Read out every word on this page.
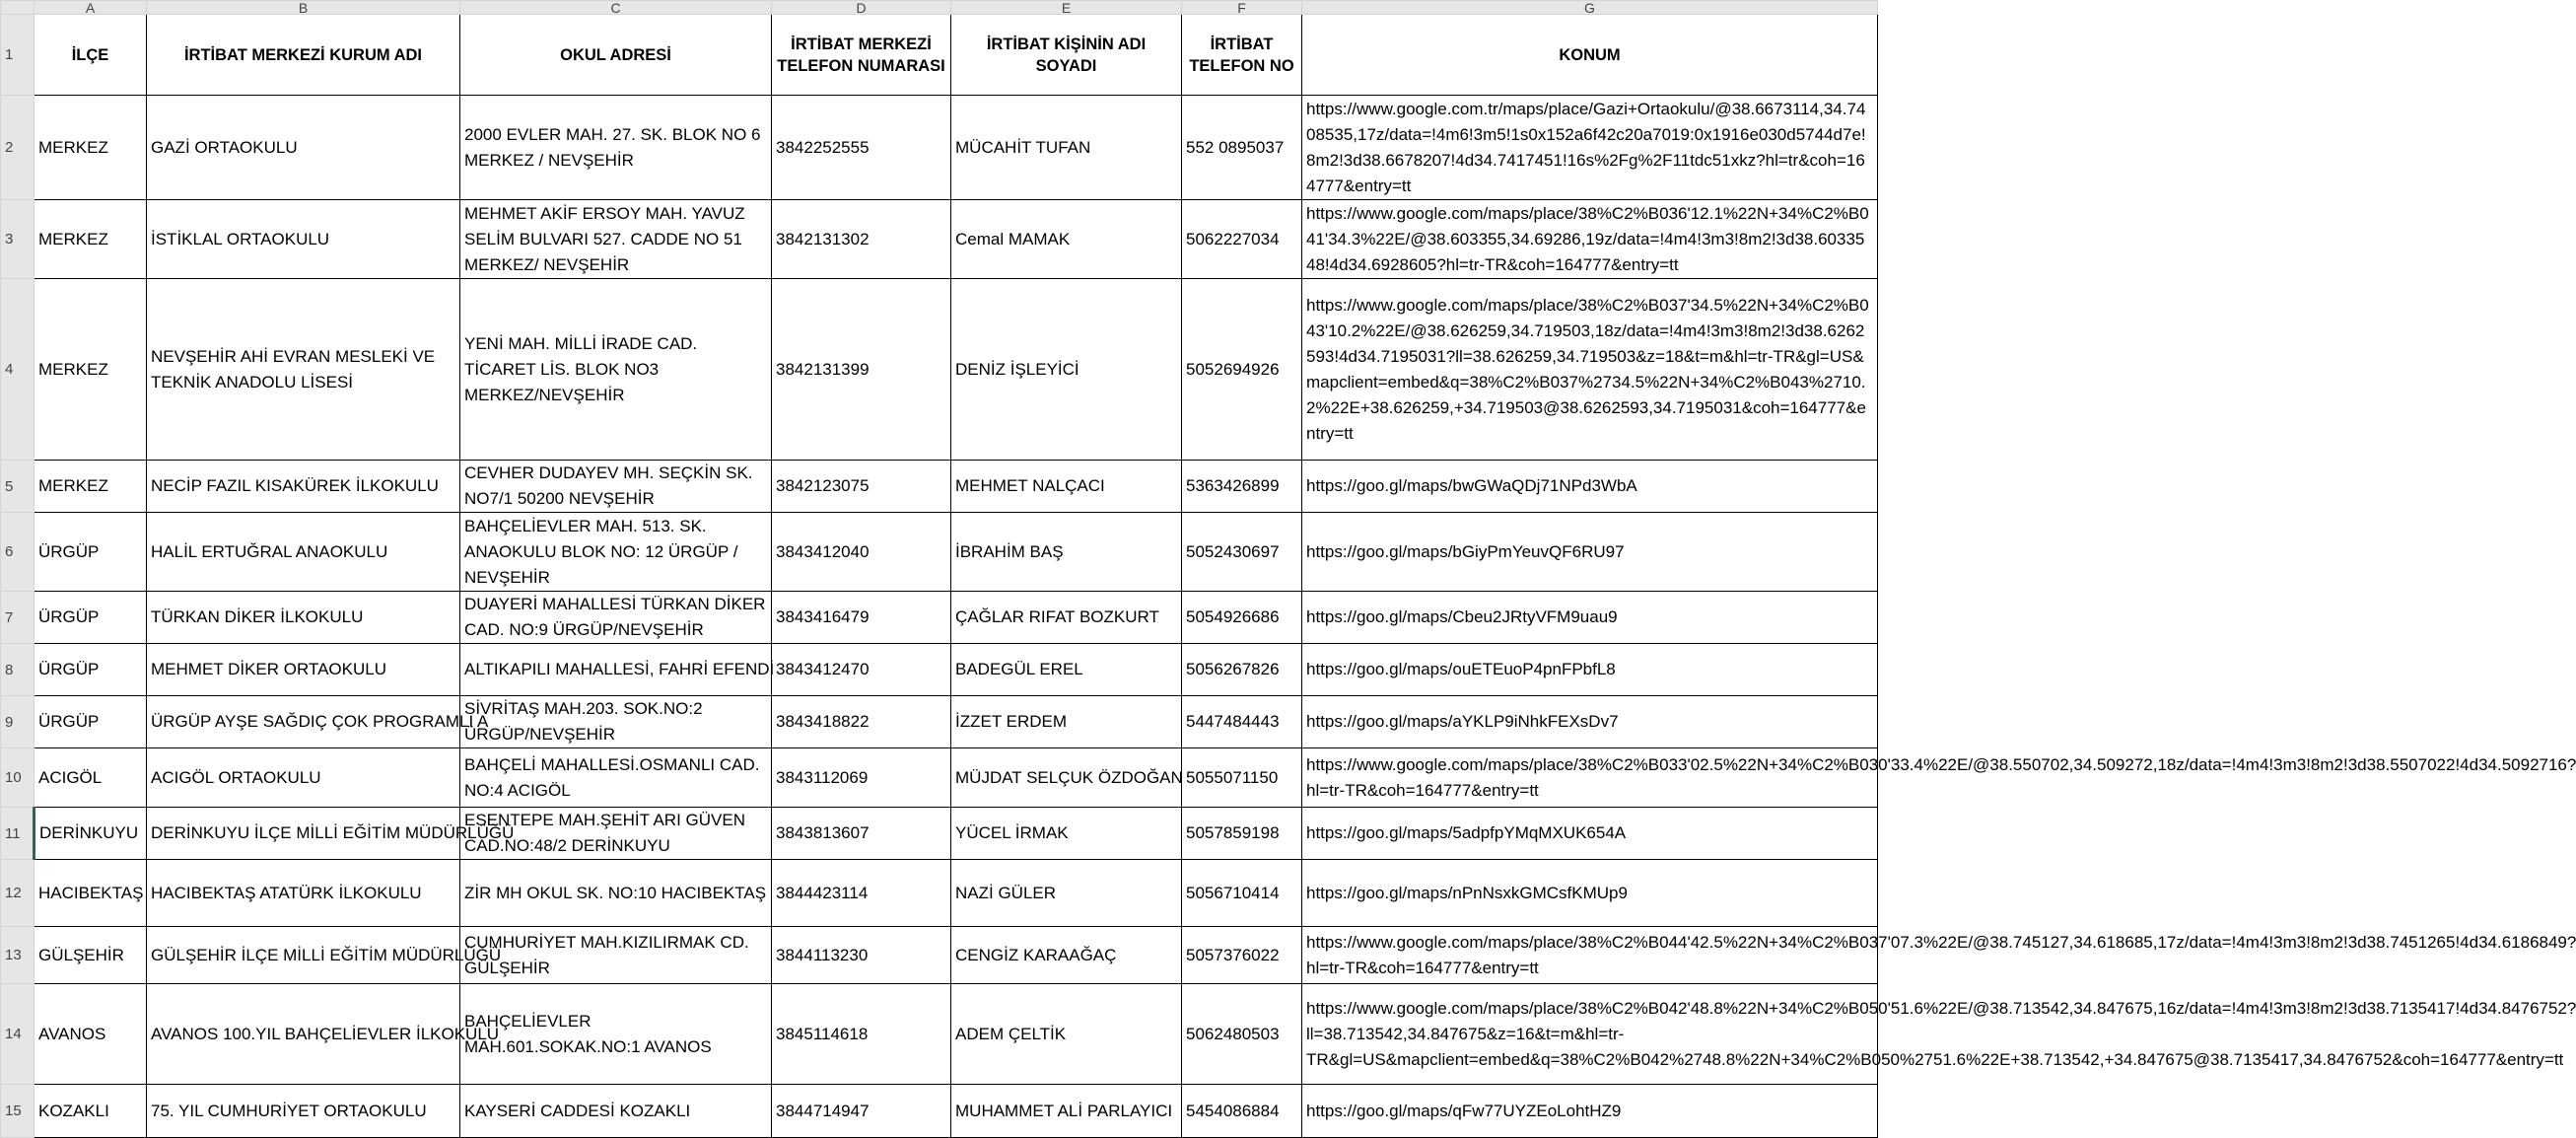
	A	B	C	D	E	F	G
1	İLÇE	İRTİBAT MERKEZİ KURUM ADI	OKUL ADRESİ	İRTİBAT MERKEZİ TELEFON NUMARASI	İRTİBAT KİŞİNİN ADI SOYADI	İRTİBAT TELEFON NO	KONUM
2	MERKEZ	GAZİ ORTAOKULU	2000 EVLER MAH. 27. SK. BLOK NO 6 MERKEZ / NEVŞEHİR	3842252555	MÜCAHİT TUFAN	552 0895037	https://www.google.com.tr/maps/place/Gazi+Ortaokulu/@38.6673114,34.7408535,17z/data=!4m6!3m5!1s0x152a6f42c20a7019:0x1916e030d5744d7e!8m2!3d38.6678207!4d34.7417451!16s%2Fg%2F11tdc51xkz?hl=tr&coh=164777&entry=tt
3	MERKEZ	İSTİKLAL ORTAOKULU	MEHMET AKİF ERSOY MAH. YAVUZ SELİM BULVARI 527. CADDE NO 51 MERKEZ/ NEVŞEHİR	3842131302	Cemal MAMAK	5062227034	https://www.google.com/maps/place/38%C2%B036'12.1%22N+34%C2%B041'34.3%22E/@38.603355,34.69286,19z/data=!4m4!3m3!8m2!3d38.6033548!4d34.6928605?hl=tr-TR&coh=164777&entry=tt
4	MERKEZ	NEVŞEHİR AHİ EVRAN MESLEKİ VE TEKNİK ANADOLU LİSESİ	YENİ MAH. MİLLİ İRADE CAD. TİCARET LİS. BLOK NO3 MERKEZ/NEVŞEHİR	3842131399	DENİZ İŞLEYİCİ	5052694926	https://www.google.com/maps/place/38%C2%B037'34.5%22N+34%C2%B043'10.2%22E/@38.626259,34.719503,18z/data=!4m4!3m3!8m2!3d38.6262593!4d34.7195031?ll=38.626259,34.719503&z=18&t=m&hl=tr-TR&gl=US&mapclient=embed&q=38%C2%B037%2734.5%22N+34%C2%B043%2710.2%22E+38.626259,+34.719503@38.6262593,34.7195031&coh=164777&entry=tt
5	MERKEZ	NECİP FAZIL KISAKÜREK İLKOKULU	CEVHER DUDAYEV MH. SEÇKİN SK. NO7/1 50200 NEVŞEHİR	3842123075	MEHMET NALÇACI	5363426899	https://goo.gl/maps/bwGWaQDj71NPd3WbA
6	ÜRGÜP	HALİL ERTUĞRAL ANAOKULU	BAHÇELİEVLER MAH. 513. SK. ANAOKULU BLOK NO: 12 ÜRGÜP / NEVŞEHİR	3843412040	İBRAHİM BAŞ	5052430697	https://goo.gl/maps/bGiyPmYeuvQF6RU97
7	ÜRGÜP	TÜRKAN DİKER İLKOKULU	DUAYERİ MAHALLESİ TÜRKAN DİKER CAD. NO:9 ÜRGÜP/NEVŞEHİR	3843416479	ÇAĞLAR RIFAT BOZKURT	5054926686	https://goo.gl/maps/Cbeu2JRtyVFM9uau9
8	ÜRGÜP	MEHMET DİKER ORTAOKULU	ALTIKAPILI MAHALLESİ, FAHRİ EFENDİ	3843412470	BADEGÜL EREL	5056267826	https://goo.gl/maps/ouETEuoP4pnFPbfL8
9	ÜRGÜP	ÜRGÜP AYŞE SAĞDIÇ ÇOK PROGRAMLI A	SİVRİTAŞ MAH.203. SOK.NO:2 ÜRGÜP/NEVŞEHİR	3843418822	İZZET ERDEM	5447484443	https://goo.gl/maps/aYKLP9iNhkFEXsDv7
10	ACIGÖL	ACIGÖL ORTAOKULU	BAHÇELİ MAHALLESİ.OSMANLI CAD. NO:4 ACIGÖL	3843112069	MÜJDAT SELÇUK ÖZDOĞAN	5055071150	https://www.google.com/maps/place/38%C2%B033'02.5%22N+34%C2%B030'33.4%22E/@38.550702,34.509272,18z/data=!4m4!3m3!8m2!3d38.5507022!4d34.5092716?hl=tr-TR&coh=164777&entry=tt
11	DERİNKUYU	DERİNKUYU İLÇE MİLLİ EĞİTİM MÜDÜRLÜĞÜ	ESENTEPE MAH.ŞEHİT ARI GÜVEN CAD.NO:48/2 DERİNKUYU	3843813607	YÜCEL İRMAK	5057859198	https://goo.gl/maps/5adpfpYMqMXUK654A
12	HACIBEKTAŞ	HACIBEKTAŞ ATATÜRK İLKOKULU	ZİR MH OKUL SK. NO:10 HACIBEKTAŞ	3844423114	NAZİ GÜLER	5056710414	https://goo.gl/maps/nPnNsxkGMCsfKMUp9
13	GÜLŞEHİR	GÜLŞEHİR İLÇE MİLLİ EĞİTİM MÜDÜRLÜĞÜ	CUMHURİYET MAH.KIZILIRMAK CD. GÜLŞEHİR	3844113230	CENGİZ KARAAĞAÇ	5057376022	https://www.google.com/maps/place/38%C2%B044'42.5%22N+34%C2%B037'07.3%22E/@38.745127,34.618685,17z/data=!4m4!3m3!8m2!3d38.7451265!4d34.6186849?hl=tr-TR&coh=164777&entry=tt
14	AVANOS	AVANOS 100.YIL BAHÇELİEVLER İLKOKULU	BAHÇELİEVLER MAH.601.SOKAK.NO:1 AVANOS	3845114618	ADEM ÇELTİK	5062480503	https://www.google.com/maps/place/38%C2%B042'48.8%22N+34%C2%B050'51.6%22E/@38.713542,34.847675,16z/data=!4m4!3m3!8m2!3d38.7135417!4d34.8476752?ll=38.713542,34.847675&z=16&t=m&hl=tr-TR&gl=US&mapclient=embed&q=38%C2%B042%2748.8%22N+34%C2%B050%2751.6%22E+38.713542,+34.847675@38.7135417,34.8476752&coh=164777&entry=tt
15	KOZAKLI	75. YIL CUMHURİYET ORTAOKULU	KAYSERİ CADDESİ KOZAKLI	3844714947	MUHAMMET ALİ PARLAYICI	5454086884	https://goo.gl/maps/qFw77UYZEoLohtHZ9
